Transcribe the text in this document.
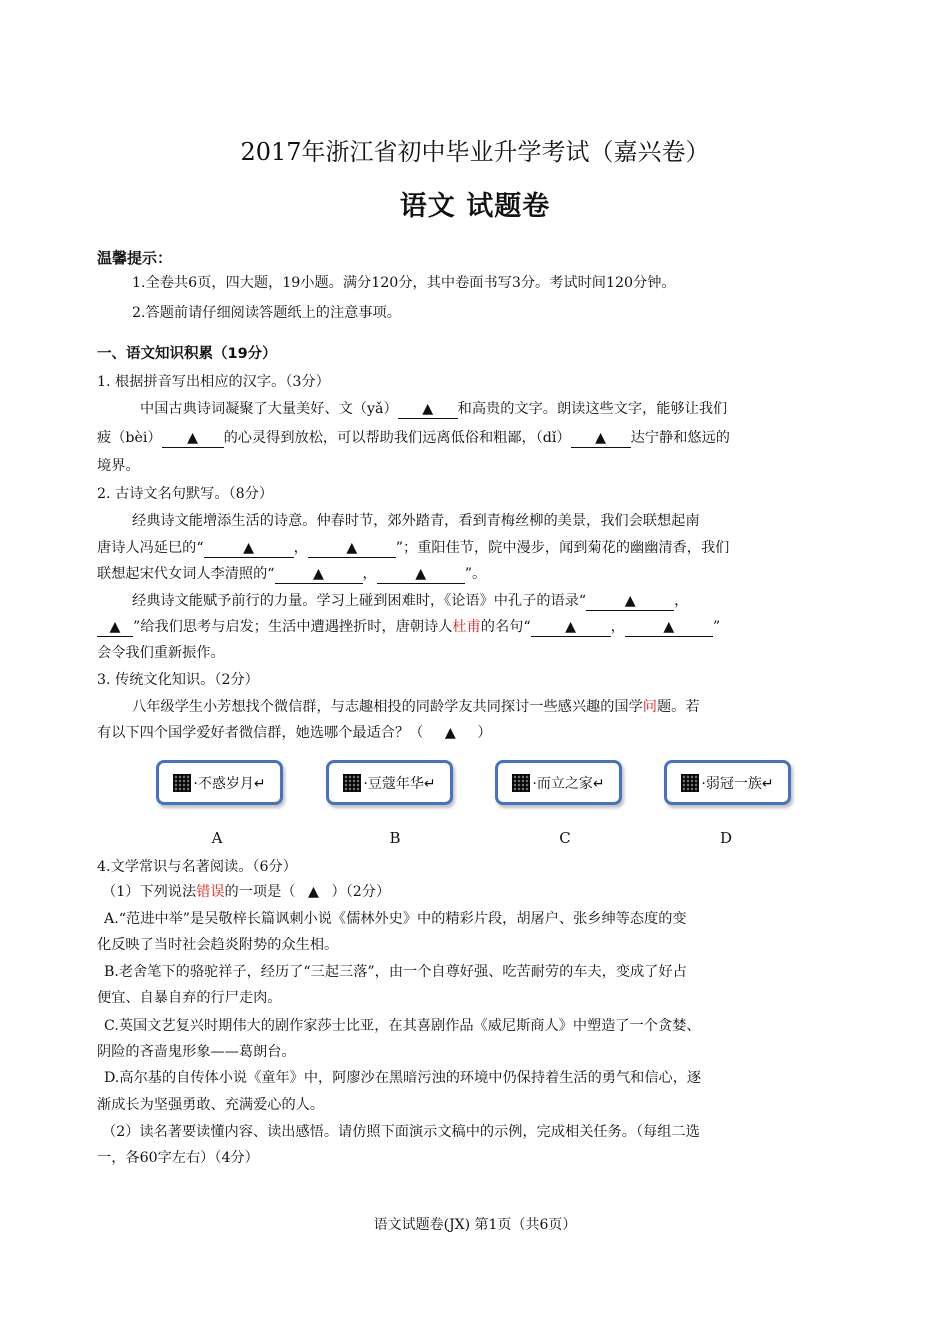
2017年浙江省初中毕业升学考试（嘉兴卷）
语文 试题卷
温馨提示：
1.全卷共6页，四大题，19小题。满分120分，其中卷面书写3分。考试时间120分钟。
2.答题前请仔细阅读答题纸上的注意事项。
一、语文知识积累（19分）
1. 根据拼音写出相应的汉字。（3分）
中国古典诗词凝聚了大量美好、文（yǎ） ▲ 和高贵的文字。朗读这些文字，能够让我们
疲（bèi） ▲ 的心灵得到放松，可以帮助我们远离低俗和粗鄙，（dǐ） ▲ 达宁静和悠远的
境界。
2. 古诗文名句默写。（8分）
经典诗文能增添生活的诗意。仲春时节，郊外踏青，看到青梅丝柳的美景，我们会联想起南
唐诗人冯延巳的“	▲	，	▲	”；重阳佳节，院中漫步，闻到菊花的幽幽清香，我们
联想起宋代女词人李清照的“	▲	，	▲	”。
经典诗文能赋予前行的力量。学习上碰到困难时，《论语》中孔子的语录“	▲	，
▲ ”给我们思考与启发；生活中遭遇挫折时，唐朝诗人杜甫的名句“ ▲ ，	▲	”
会令我们重新振作。
3. 传统文化知识。（2分）
八年级学生小芳想找个微信群，与志趣相投的同龄学友共同探讨一些感兴趣的国学问题。若
有以下四个国学爱好者微信群，她选哪个最适合？（ ▲ ）
·不惑岁月↵	·豆蔻年华↵	·而立之家↵	·弱冠一族↵
A	B	C	D
4.文学常识与名著阅读。（6分）
（1）下列说法错误的一项是（ ▲ ）（2分）
A.“范进中举”是吴敬梓长篇讽刺小说《儒林外史》中的精彩片段，胡屠户、张乡绅等态度的变
化反映了当时社会趋炎附势的众生相。
B.老舍笔下的骆驼祥子，经历了“三起三落”，由一个自尊好强、吃苦耐劳的车夫，变成了好占
便宜、自暴自弃的行尸走肉。
C.英国文艺复兴时期伟大的剧作家莎士比亚，在其喜剧作品《威尼斯商人》中塑造了一个贪婪、
阴险的吝啬鬼形象——葛朗台。
D.高尔基的自传体小说《童年》中，阿廖沙在黑暗污浊的环境中仍保持着生活的勇气和信心，逐
渐成长为坚强勇敢、充满爱心的人。
（2）读名著要读懂内容、读出感悟。请仿照下面演示文稿中的示例，完成相关任务。（每组二选
一，各60字左右）（4分）
语文试题卷(JX) 第1页（共6页）
